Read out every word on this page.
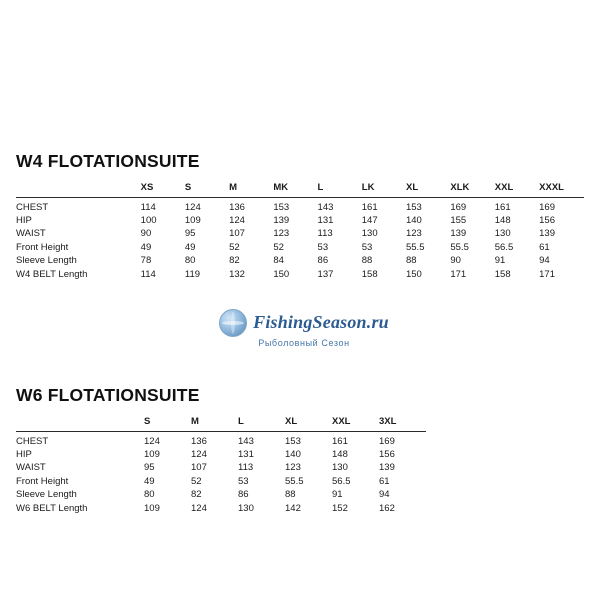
W4 FLOTATIONSUITE
	XS	S	M	MK	L	LK	XL	XLK	XXL	XXXL
CHEST	114	124	136	153	143	161	153	169	161	169
HIP	100	109	124	139	131	147	140	155	148	156
WAIST	90	95	107	123	113	130	123	139	130	139
Front Height	49	49	52	52	53	53	55.5	55.5	56.5	61
Sleeve Length	78	80	82	84	86	88	88	90	91	94
W4 BELT Length	114	119	132	150	137	158	150	171	158	171
FishingSeason.ru
Рыболовный Сезон
W6 FLOTATIONSUITE
	S	M	L	XL	XXL	3XL
CHEST	124	136	143	153	161	169
HIP	109	124	131	140	148	156
WAIST	95	107	113	123	130	139
Front Height	49	52	53	55.5	56.5	61
Sleeve Length	80	82	86	88	91	94
W6 BELT Length	109	124	130	142	152	162
